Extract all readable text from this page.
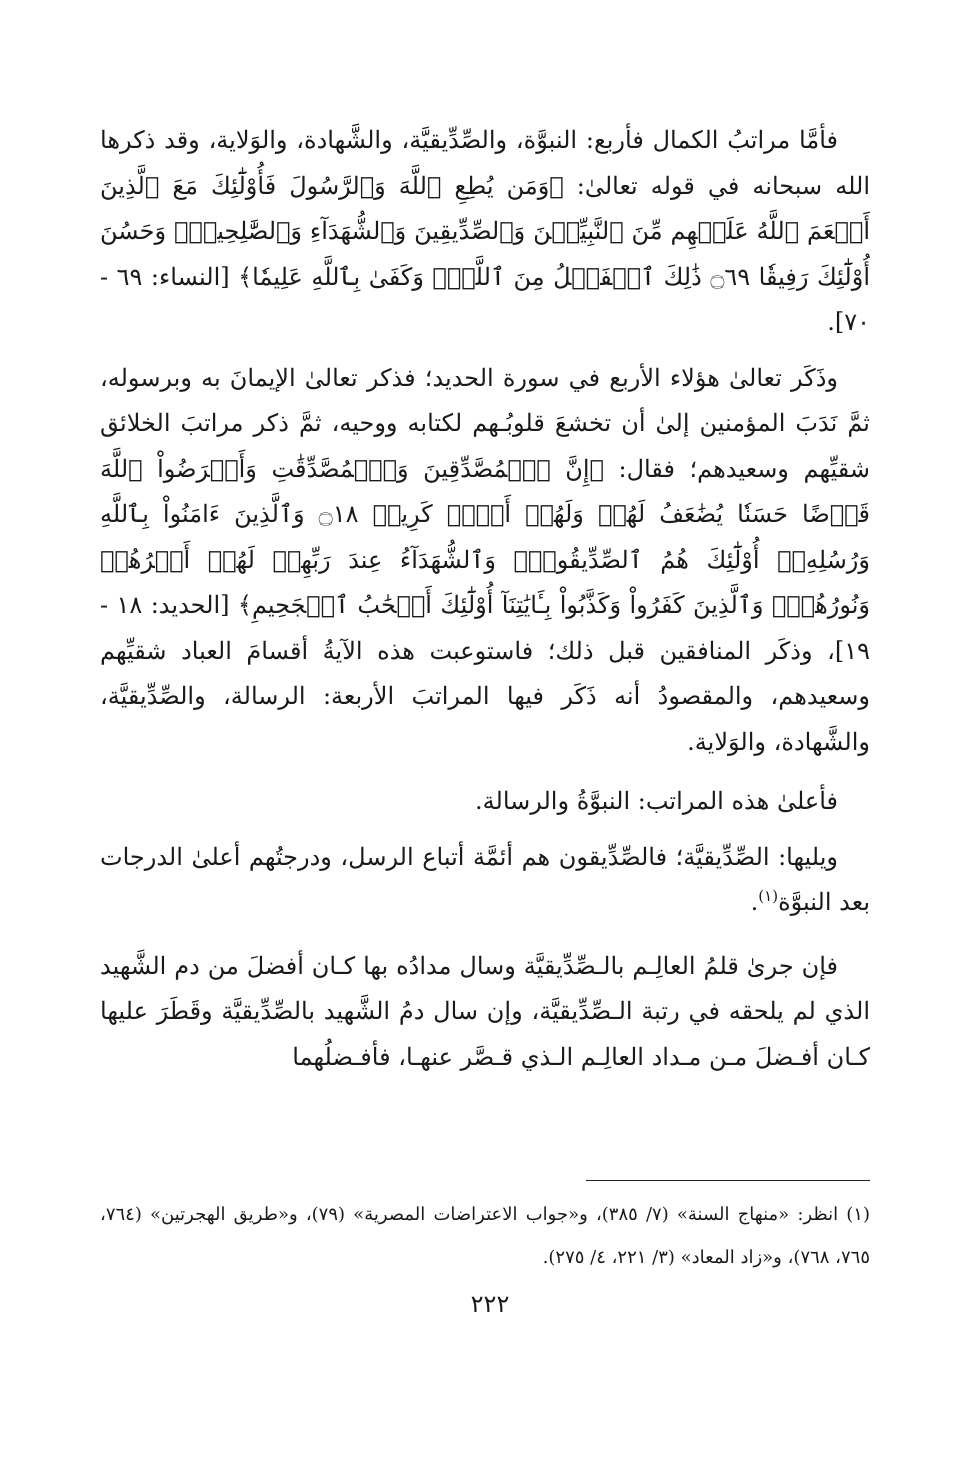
فأمَّا مراتبُ الكمال فأربع: النبوَّة، والصِّدِّيقيَّة، والشَّهادة، والوَلاية، وقد ذكرها الله سبحانه في قوله تعالىٰ: ﴿وَمَن يُطِعِ ٱللَّهَ وَٱلرَّسُولَ فَأُوْلَٰٓئِكَ مَعَ ٱلَّذِينَ أَنۡعَمَ ٱللَّهُ عَلَيۡهِم مِّنَ ٱلنَّبِيِّـۧنَ وَٱلصِّدِّيقِينَ وَٱلشُّهَدَآءِ وَٱلصَّٰلِحِينَۚ وَحَسُنَ أُوْلَٰٓئِكَ رَفِيقٗا ۝٦٩ ذَٰلِكَ ٱلۡفَضۡلُ مِنَ ٱللَّهِۚ وَكَفَىٰ بِٱللَّهِ عَلِيمٗا﴾ [النساء: ٦٩ - ٧٠].

وذَكَر تعالىٰ هؤلاء الأربع في سورة الحديد؛ فذكر تعالىٰ الإيمانَ به وبرسوله، ثمَّ نَدَبَ المؤمنين إلىٰ أن تخشعَ قلوبُـهم لكتابه ووحيه، ثمَّ ذكر مراتبَ الخلائق شقيِّهم وسعيدهم؛ فقال: ﴿إِنَّ ٱلۡمُصَّدِّقِينَ وَٱلۡمُصَّدِّقَٰتِ وَأَقۡرَضُواْ ٱللَّهَ قَرۡضًا حَسَنٗا يُضَٰعَفُ لَهُمۡ وَلَهُمۡ أَجۡرٞ كَرِيمٞ ۝١٨ وَٱلَّذِينَ ءَامَنُواْ بِٱللَّهِ وَرُسُلِهِۦٓ أُوْلَٰٓئِكَ هُمُ ٱلصِّدِّيقُونَۖ وَٱلشُّهَدَآءُ عِندَ رَبِّهِمۡ لَهُمۡ أَجۡرُهُمۡ وَنُورُهُمۡۖ وَٱلَّذِينَ كَفَرُواْ وَكَذَّبُواْ بِـَٔايَٰتِنَآ أُوْلَٰٓئِكَ أَصۡحَٰبُ ٱلۡجَحِيمِ﴾ [الحديد: ١٨ - ١٩]، وذكَر المنافقين قبل ذلك؛ فاستوعبت هذه الآيةُ أقسامَ العباد شقيِّهم وسعيدهم، والمقصودُ أنه ذَكَر فيها المراتبَ الأربعة: الرسالة، والصِّدِّيقيَّة، والشَّهادة، والوَلاية.

فأعلىٰ هذه المراتب: النبوَّةُ والرسالة.

ويليها: الصِّدِّيقيَّة؛ فالصِّدِّيقون هم أئمَّة أتباع الرسل، ودرجتُهم أعلىٰ الدرجات بعد النبوَّة$^{(١)}$.

فإن جرىٰ قلمُ العالِـم بالـصِّدِّيقيَّة وسال مدادُه بها كـان أفضلَ من دم الشَّهيد الذي لم يلحقه في رتبة الـصِّدِّيقيَّة، وإن سال دمُ الشَّهيد بالصِّدِّيقيَّة وقَطَرَ عليها كـان أفـضلَ مـن مـداد العالِـم الـذي قـصَّر عنهـا، فأفـضلُهما

(١) انظر: «منهاج السنة» (٧/ ٣٨٥)، و«جواب الاعتراضات المصرية» (٧٩)، و«طريق الهجرتين» (٧٦٤، ٧٦٥، ٧٦٨)، و«زاد المعاد» (٣/ ٢٢١، ٤/ ٢٧٥).

٢٢٢
